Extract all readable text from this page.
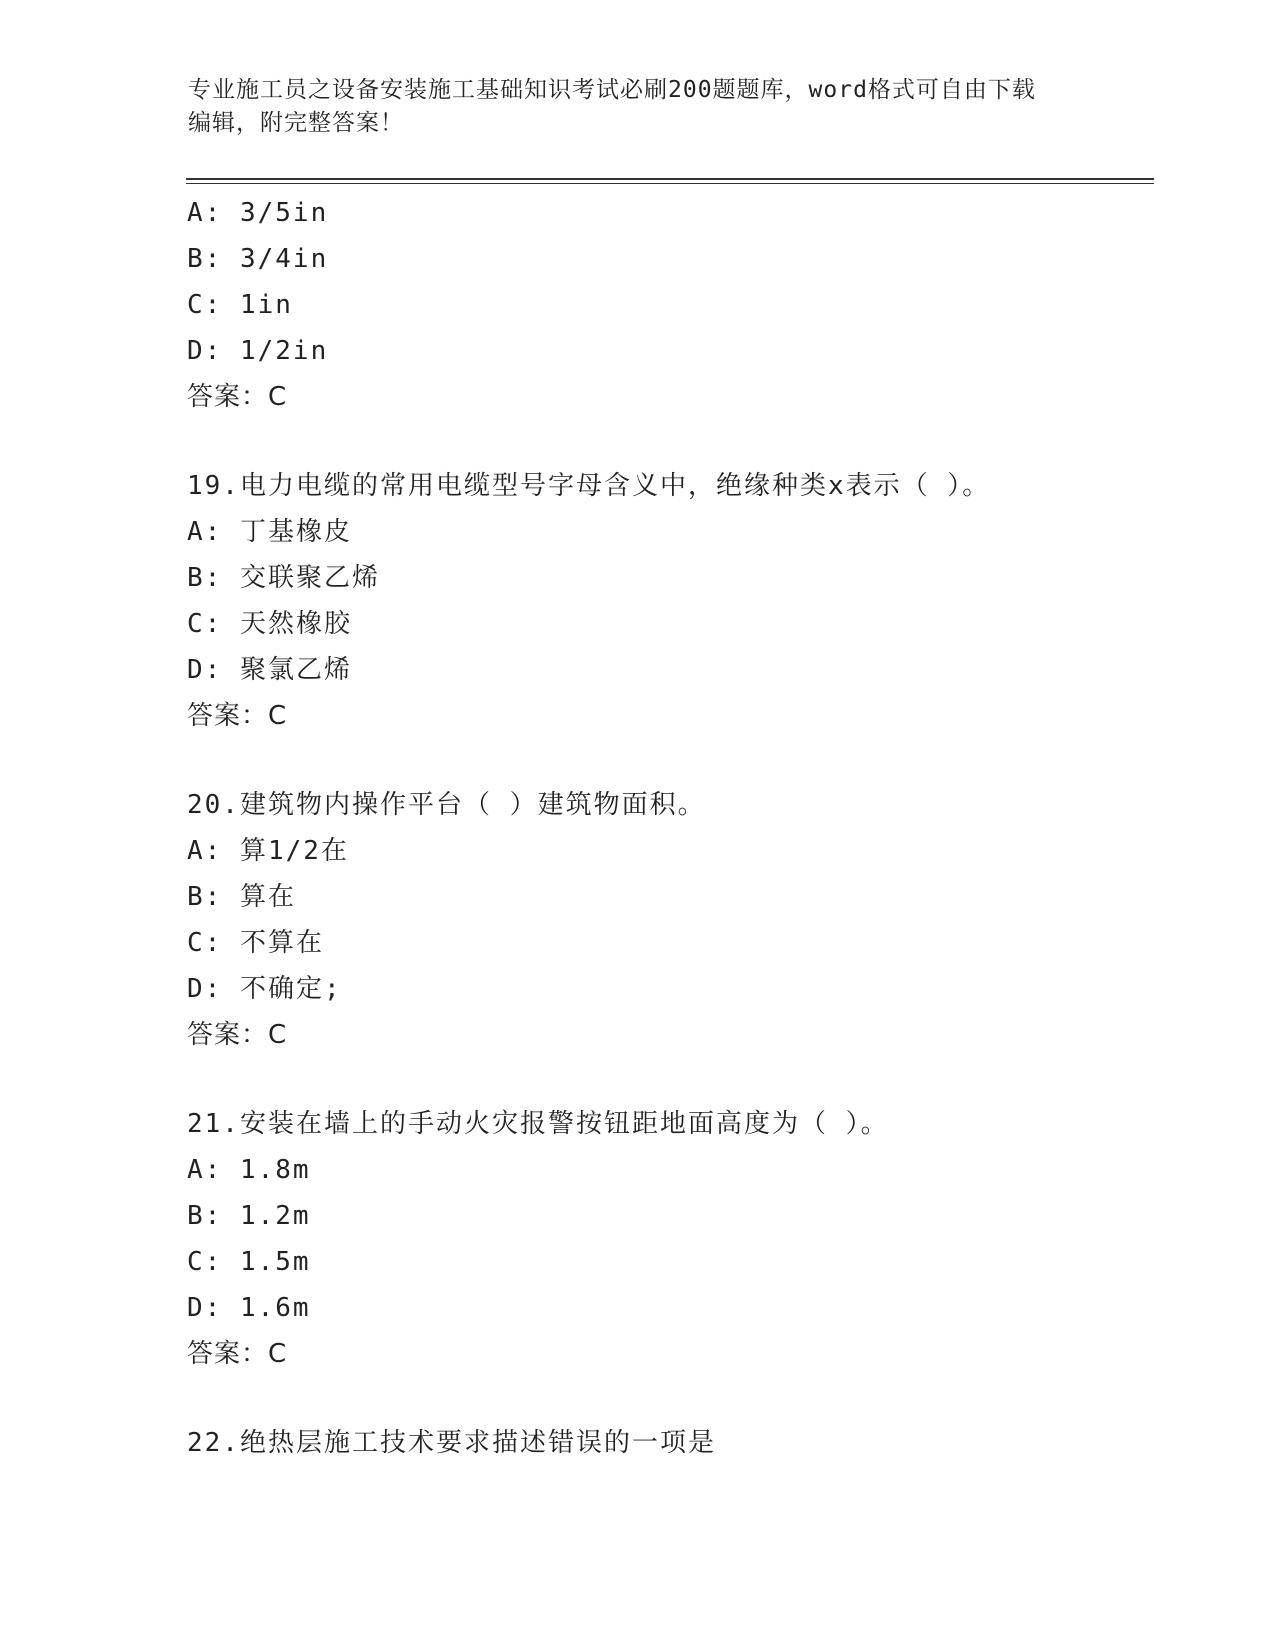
专业施工员之设备安装施工基础知识考试必刷200题题库，word格式可自由下载
编辑，附完整答案！
A: 3/5in
B: 3/4in
C: 1in
D: 1/2in
答案：C
19.电力电缆的常用电缆型号字母含义中，绝缘种类x表示（ ）。
A: 丁基橡皮
B: 交联聚乙烯
C: 天然橡胶
D: 聚氯乙烯
答案：C
20.建筑物内操作平台（ ）建筑物面积。
A: 算1/2在
B: 算在
C: 不算在
D: 不确定;
答案：C
21.安装在墙上的手动火灾报警按钮距地面高度为（ ）。
A: 1.8m
B: 1.2m
C: 1.5m
D: 1.6m
答案：C
22.绝热层施工技术要求描述错误的一项是
